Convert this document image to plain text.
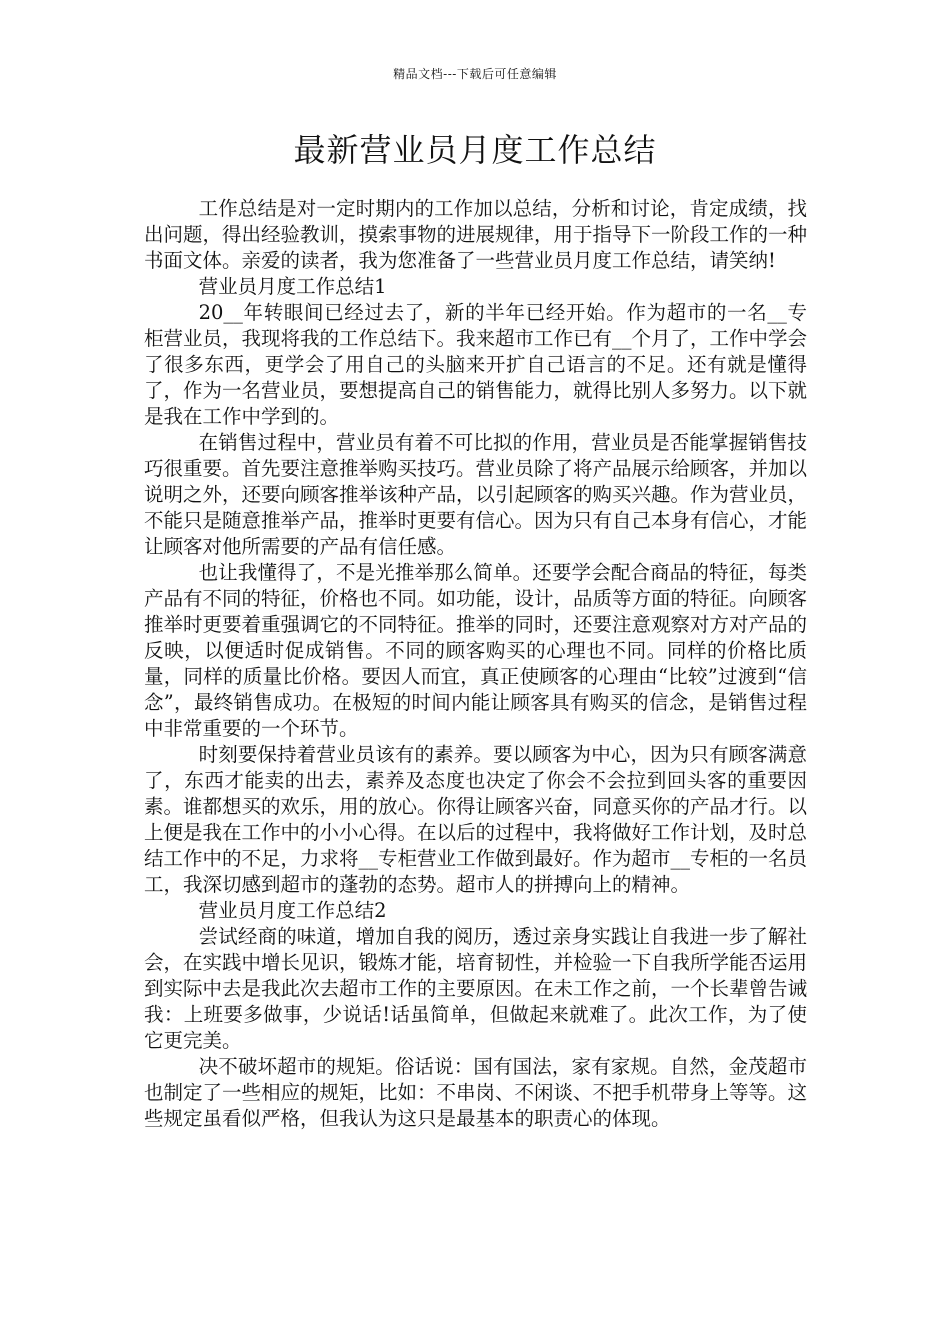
精品文档---下载后可任意编辑
最新营业员月度工作总结

工作总结是对一定时期内的工作加以总结，分析和讨论，肯定成绩，找出问题，得出经验教训，摸索事物的进展规律，用于指导下一阶段工作的一种书面文体。亲爱的读者，我为您准备了一些营业员月度工作总结，请笑纳!

营业员月度工作总结1

20__年转眼间已经过去了，新的半年已经开始。作为超市的一名__专柜营业员，我现将我的工作总结下。我来超市工作已有__个月了，工作中学会了很多东西，更学会了用自己的头脑来开扩自己语言的不足。还有就是懂得了，作为一名营业员，要想提高自己的销售能力，就得比别人多努力。以下就是我在工作中学到的。

在销售过程中，营业员有着不可比拟的作用，营业员是否能掌握销售技巧很重要。首先要注意推举购买技巧。营业员除了将产品展示给顾客，并加以说明之外，还要向顾客推举该种产品，以引起顾客的购买兴趣。作为营业员，不能只是随意推举产品，推举时更要有信心。因为只有自己本身有信心，才能让顾客对他所需要的产品有信任感。

也让我懂得了，不是光推举那么简单。还要学会配合商品的特征，每类产品有不同的特征，价格也不同。如功能，设计，品质等方面的特征。向顾客推举时更要着重强调它的不同特征。推举的同时，还要注意观察对方对产品的反映，以便适时促成销售。不同的顾客购买的心理也不同。同样的价格比质量，同样的质量比价格。要因人而宜，真正使顾客的心理由“比较”过渡到“信念”，最终销售成功。在极短的时间内能让顾客具有购买的信念，是销售过程中非常重要的一个环节。

时刻要保持着营业员该有的素养。要以顾客为中心，因为只有顾客满意了，东西才能卖的出去，素养及态度也决定了你会不会拉到回头客的重要因素。谁都想买的欢乐，用的放心。你得让顾客兴奋，同意买你的产品才行。以上便是我在工作中的小小心得。在以后的过程中，我将做好工作计划，及时总结工作中的不足，力求将__专柜营业工作做到最好。作为超市__专柜的一名员工，我深切感到超市的蓬勃的态势。超市人的拼搏向上的精神。

营业员月度工作总结2

尝试经商的味道，增加自我的阅历，透过亲身实践让自我进一步了解社会，在实践中增长见识，锻炼才能，培育韧性，并检验一下自我所学能否运用到实际中去是我此次去超市工作的主要原因。在未工作之前，一个长辈曾告诫我：上班要多做事，少说话!话虽简单，但做起来就难了。此次工作，为了使它更完美。

决不破坏超市的规矩。俗话说：国有国法，家有家规。自然，金茂超市也制定了一些相应的规矩，比如：不串岗、不闲谈、不把手机带身上等等。这些规定虽看似严格，但我认为这只是最基本的职责心的体现。
